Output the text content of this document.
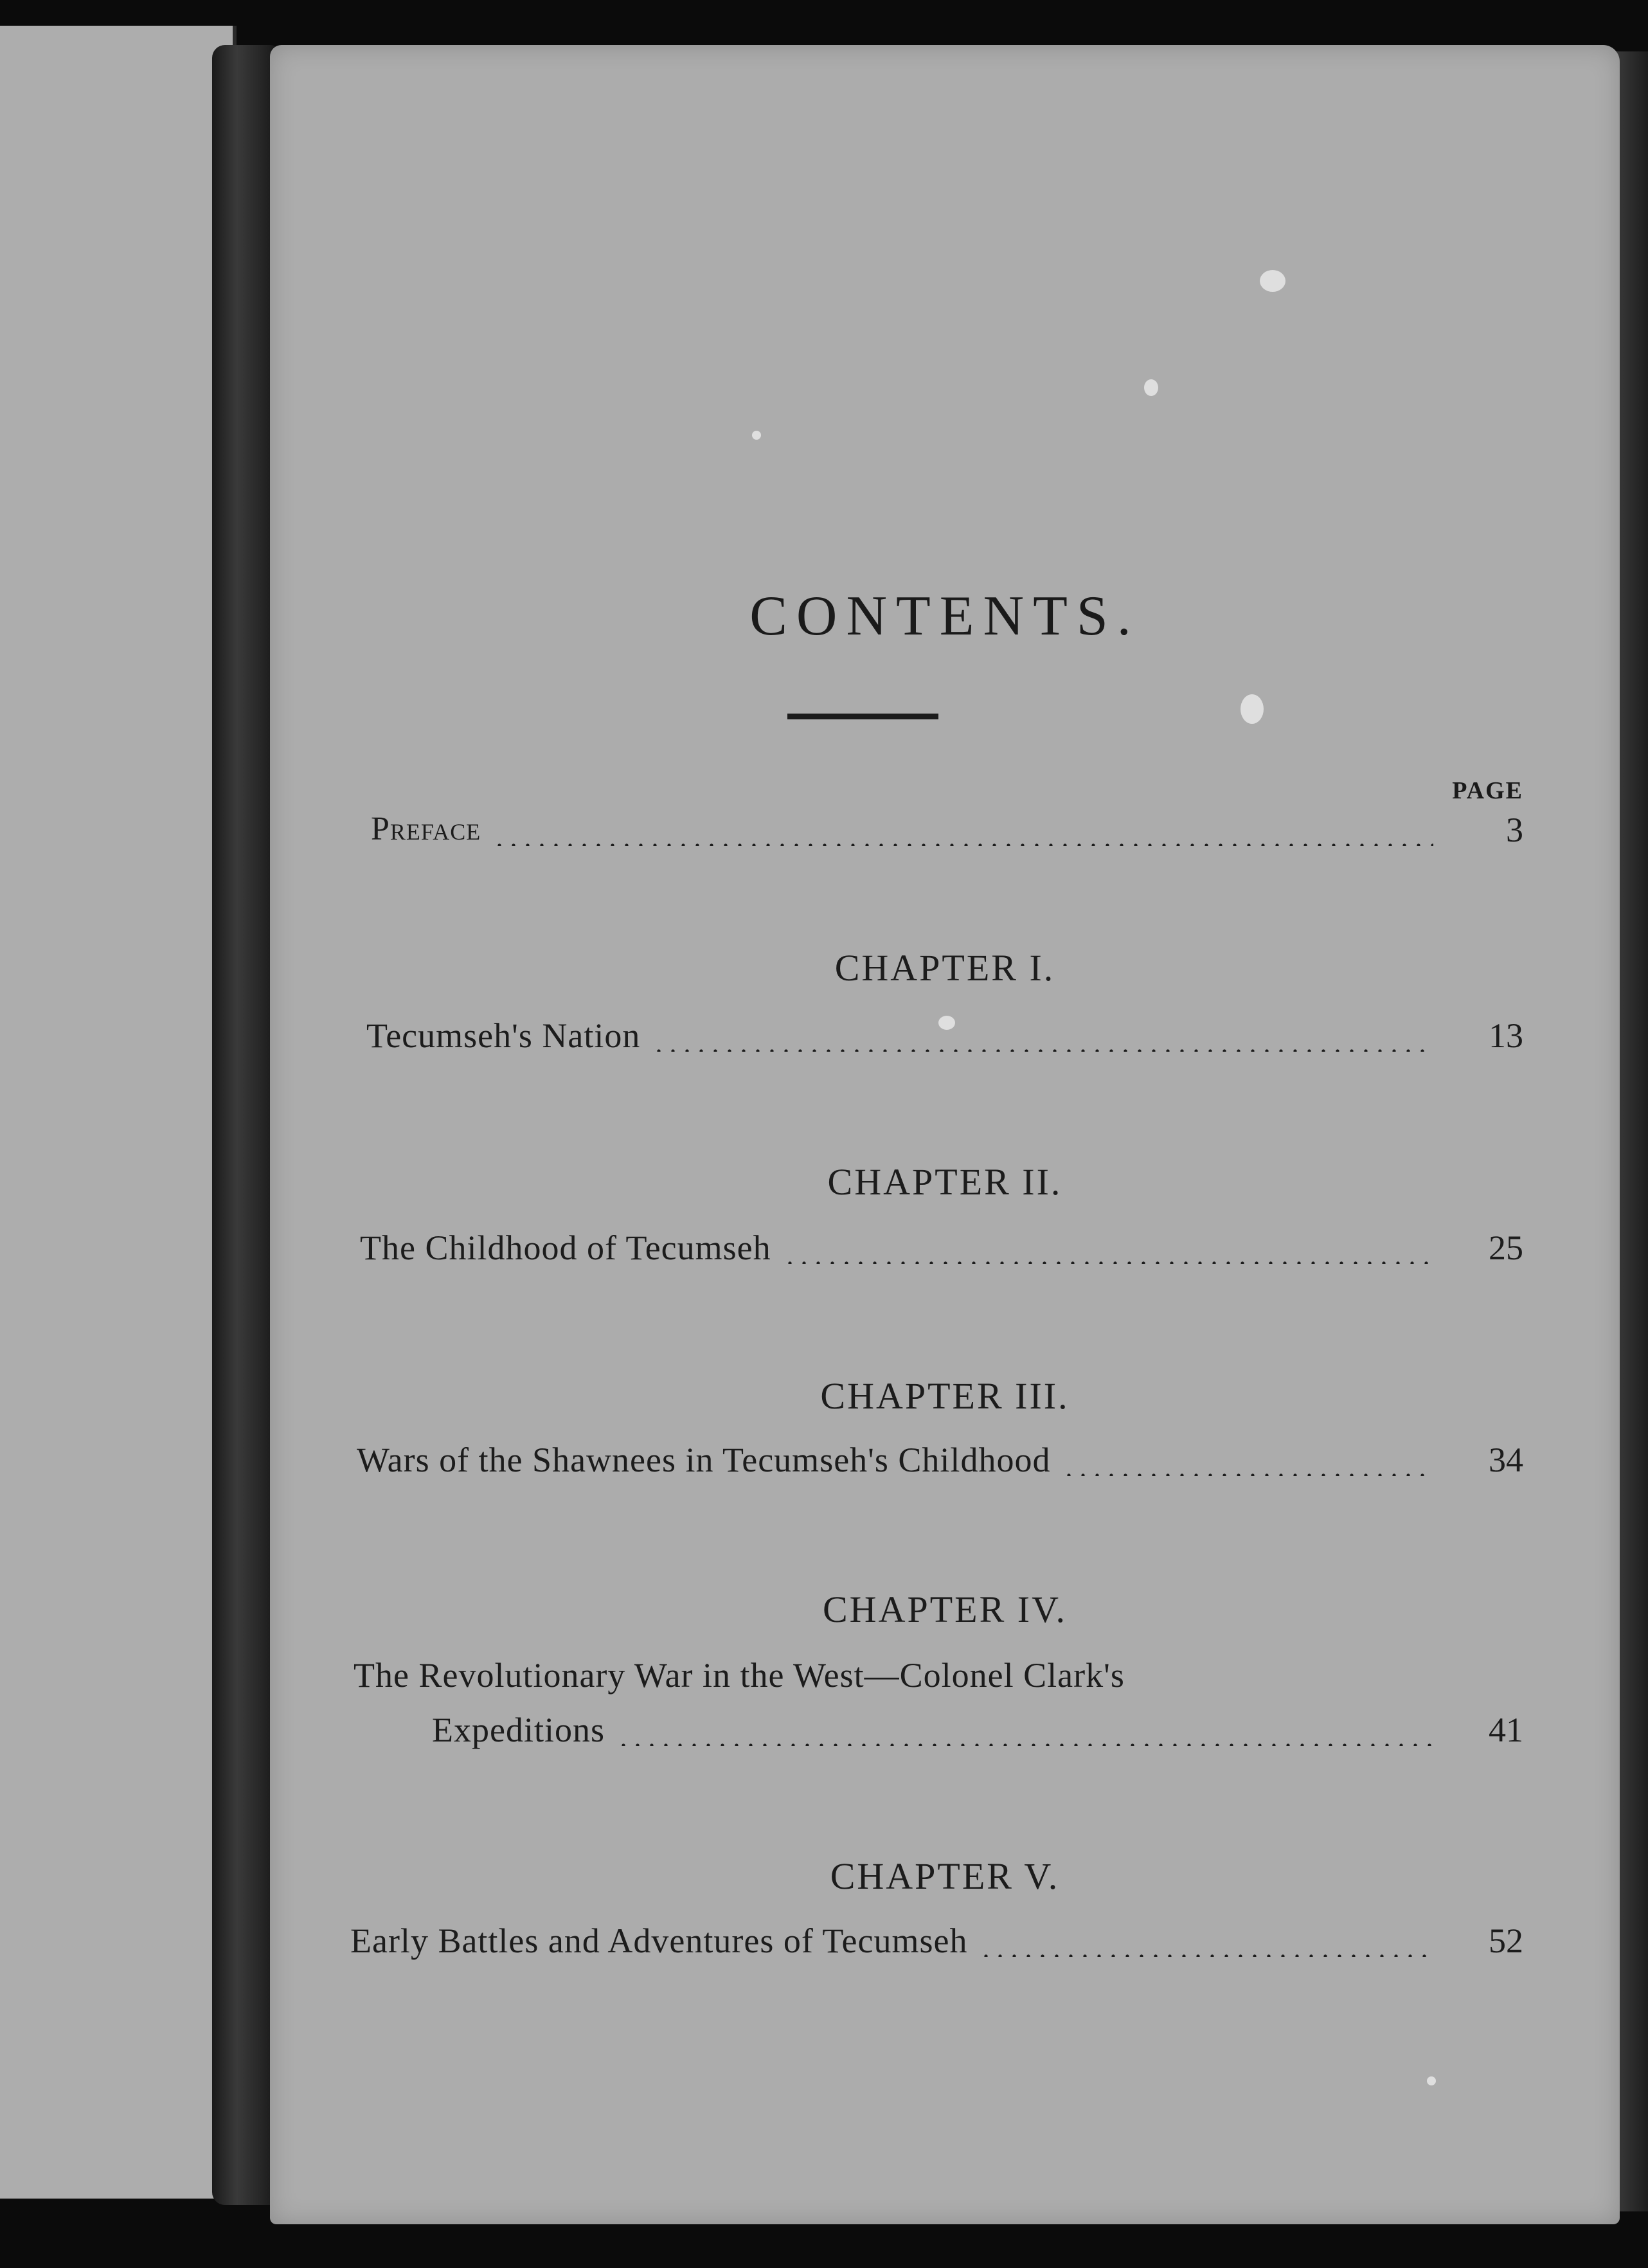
CONTENTS.
PAGE
Preface	3
CHAPTER I.
Tecumseh's Nation	13
CHAPTER II.
The Childhood of Tecumseh	25
CHAPTER III.
Wars of the Shawnees in Tecumseh's Childhood	34
CHAPTER IV.
The Revolutionary War in the West—Colonel Clark's
Expeditions	41
CHAPTER V.
Early Battles and Adventures of Tecumseh	52
